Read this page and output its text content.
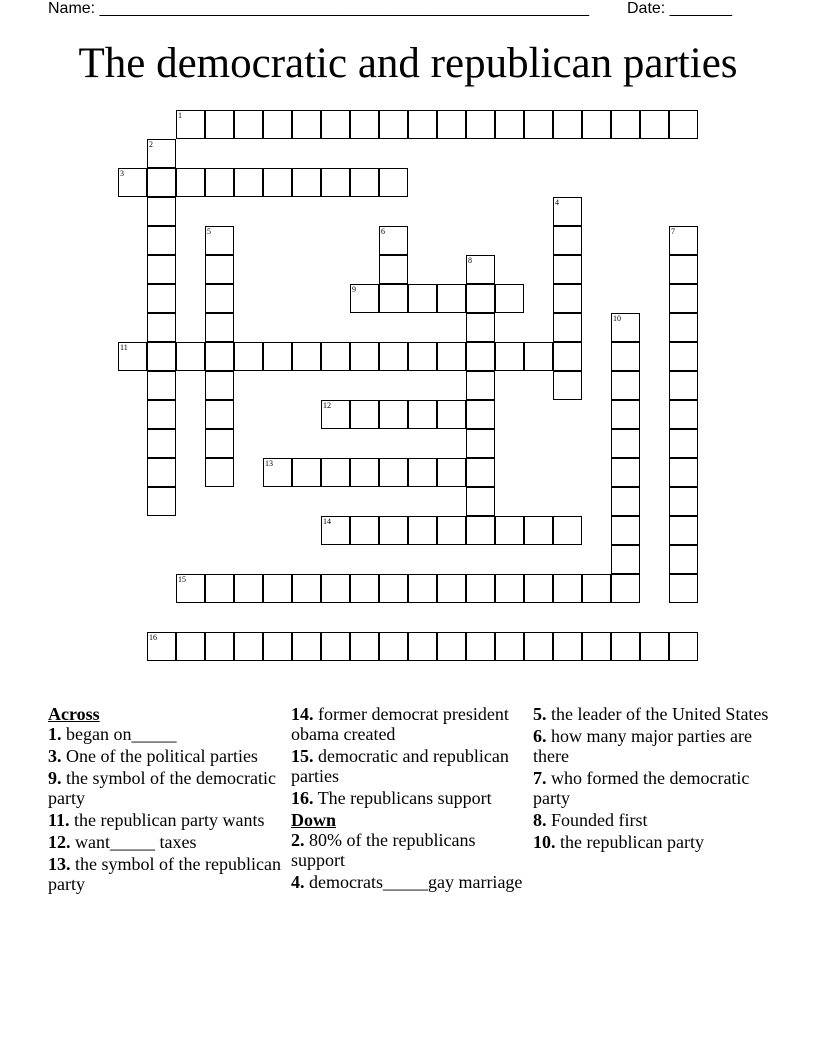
Name: _______________________________________________________ Date: _______
The democratic and republican parties
1
2
3
4
5	6	7
8
9
10
11
12
13
14
15
16
Across
1. began on_____
3. One of the political parties
9. the symbol of the democratic party
11. the republican party wants
12. want_____ taxes
13. the symbol of the republican party
14. former democrat president obama created
15. democratic and republican parties
16. The republicans support
Down
2. 80% of the republicans support
4. democrats_____gay marriage
5. the leader of the United States
6. how many major parties are there
7. who formed the democratic party
8. Founded first
10. the republican party
